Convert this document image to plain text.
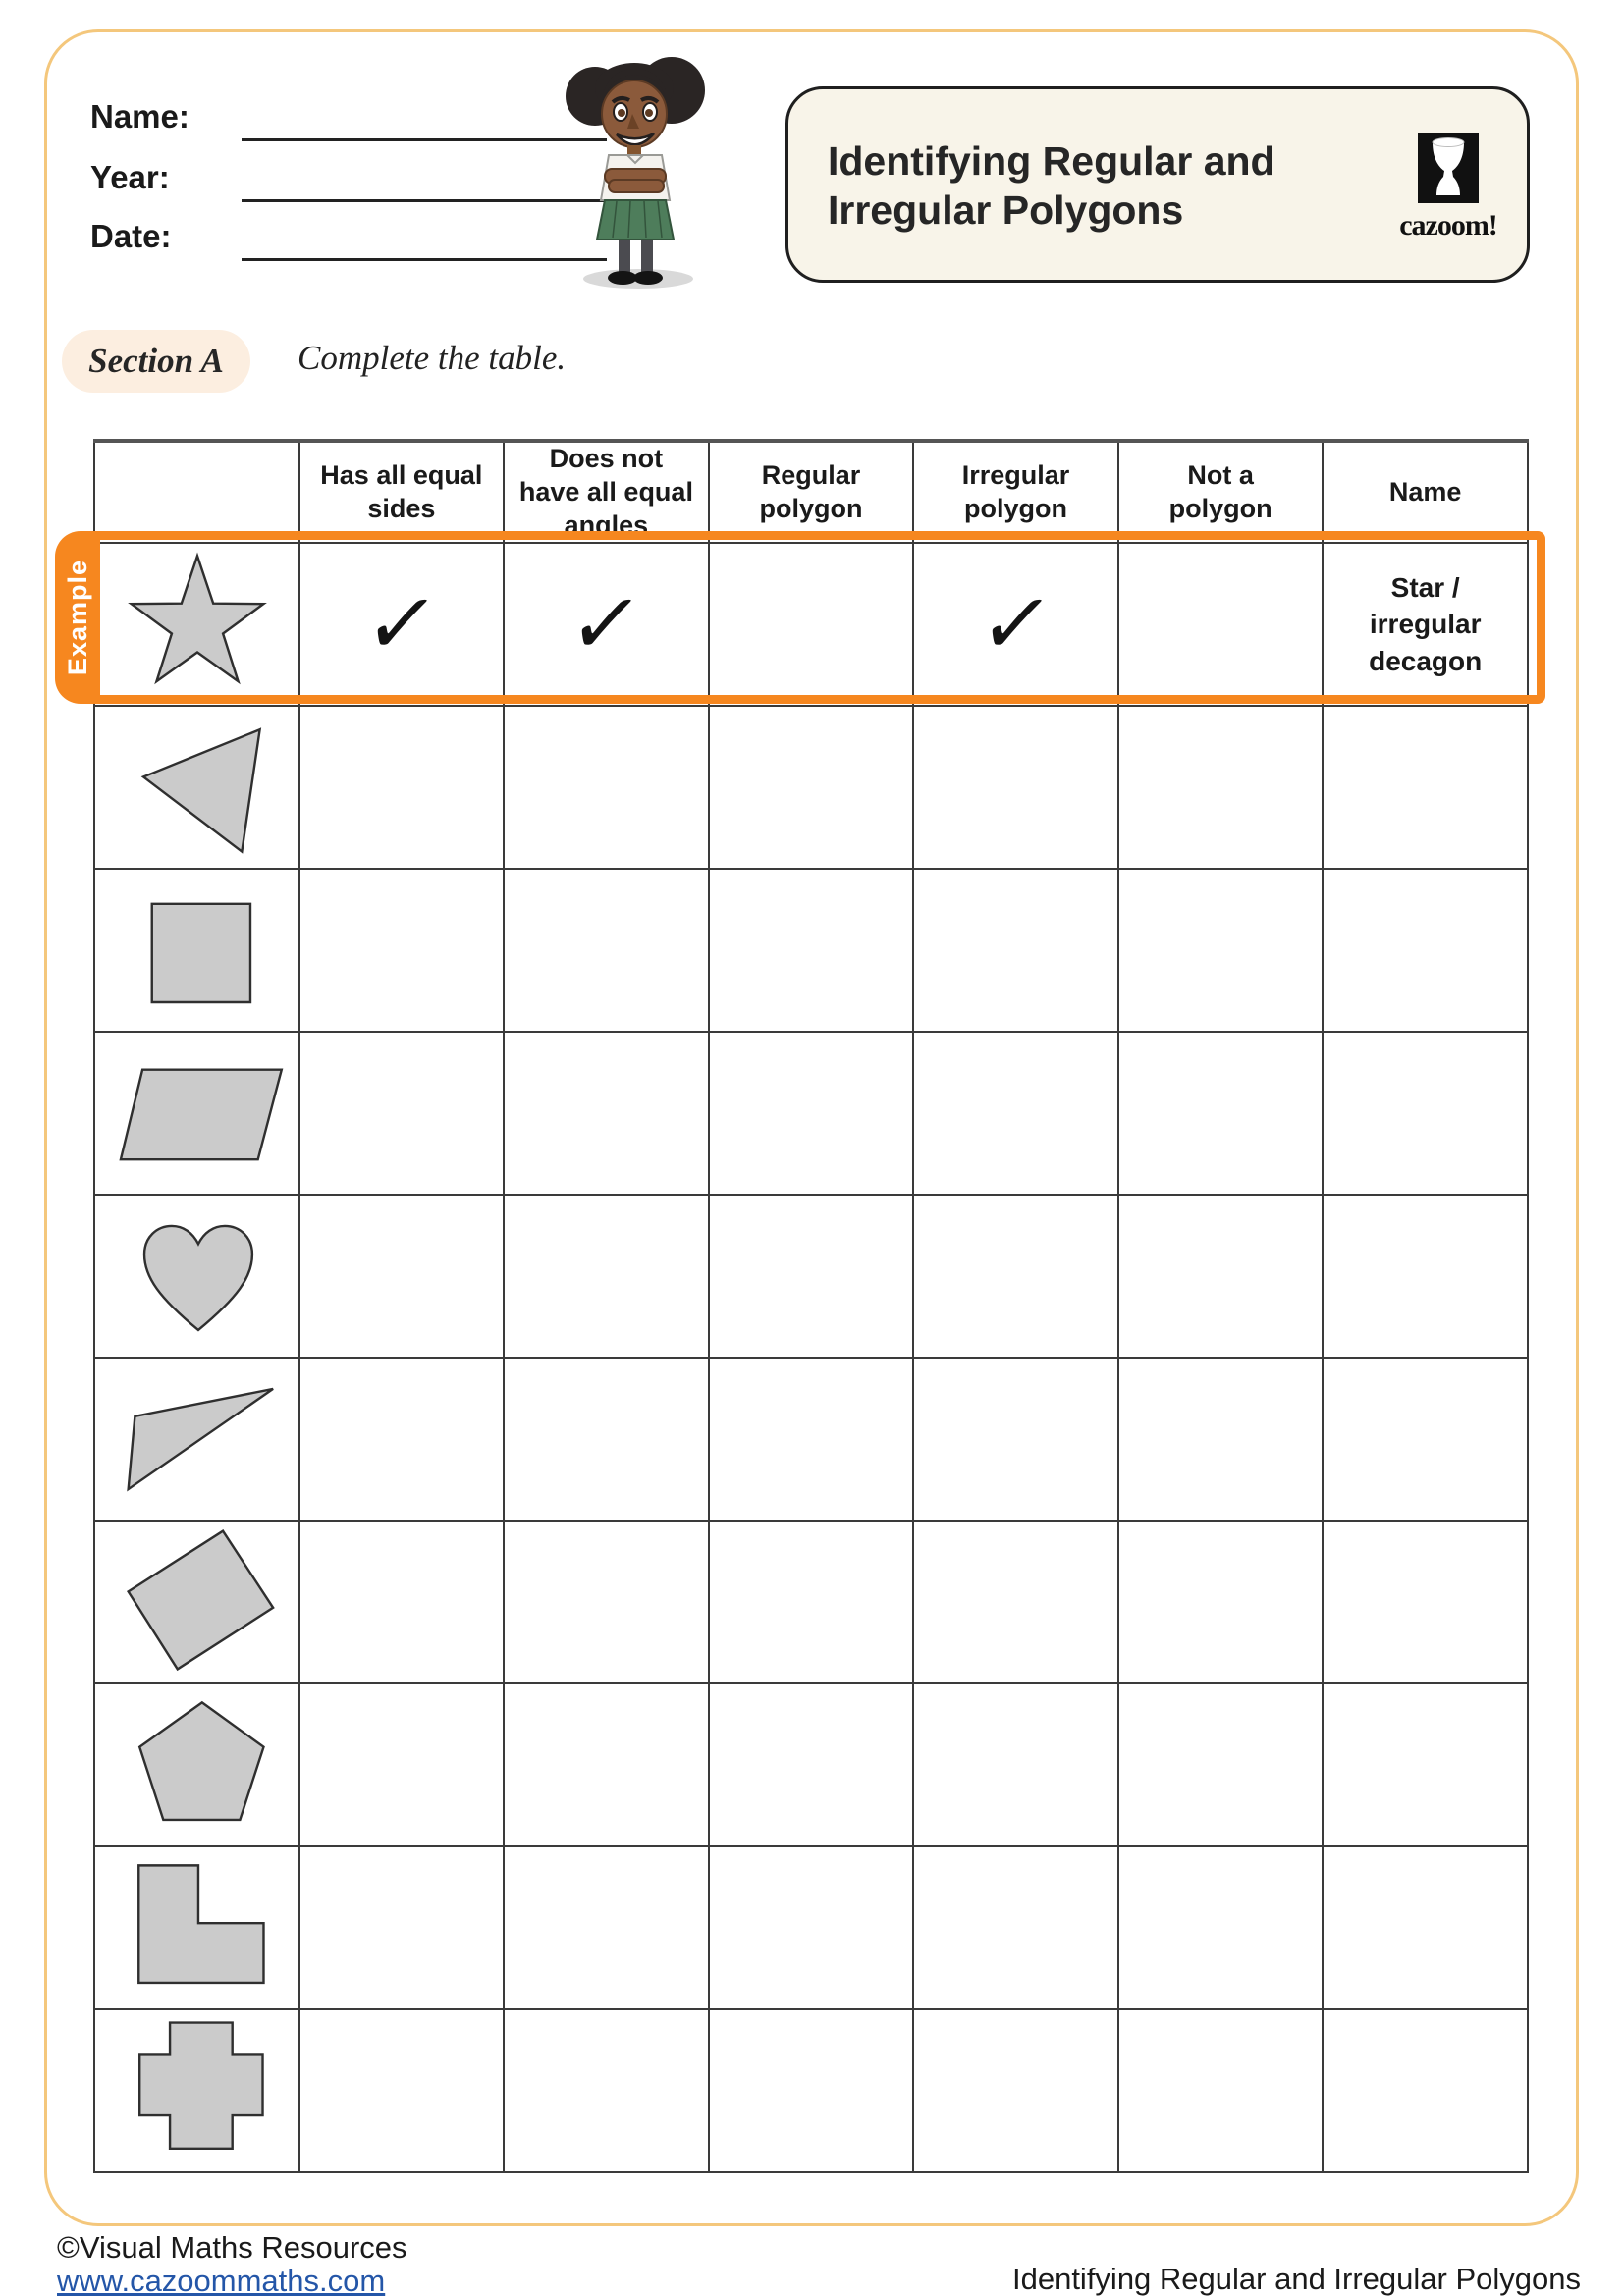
Name:
Year:
Date:
Identifying Regular and Irregular Polygons	cazoom!
Section A Complete the table.
	Has all equal sides	Does not have all equal angles	Regular polygon	Irregular polygon	Not a polygon	Name

	✓	✓		✓		Star / irregular decagon

Example
©Visual Maths Resources
www.cazoommaths.com	Identifying Regular and Irregular Polygons
